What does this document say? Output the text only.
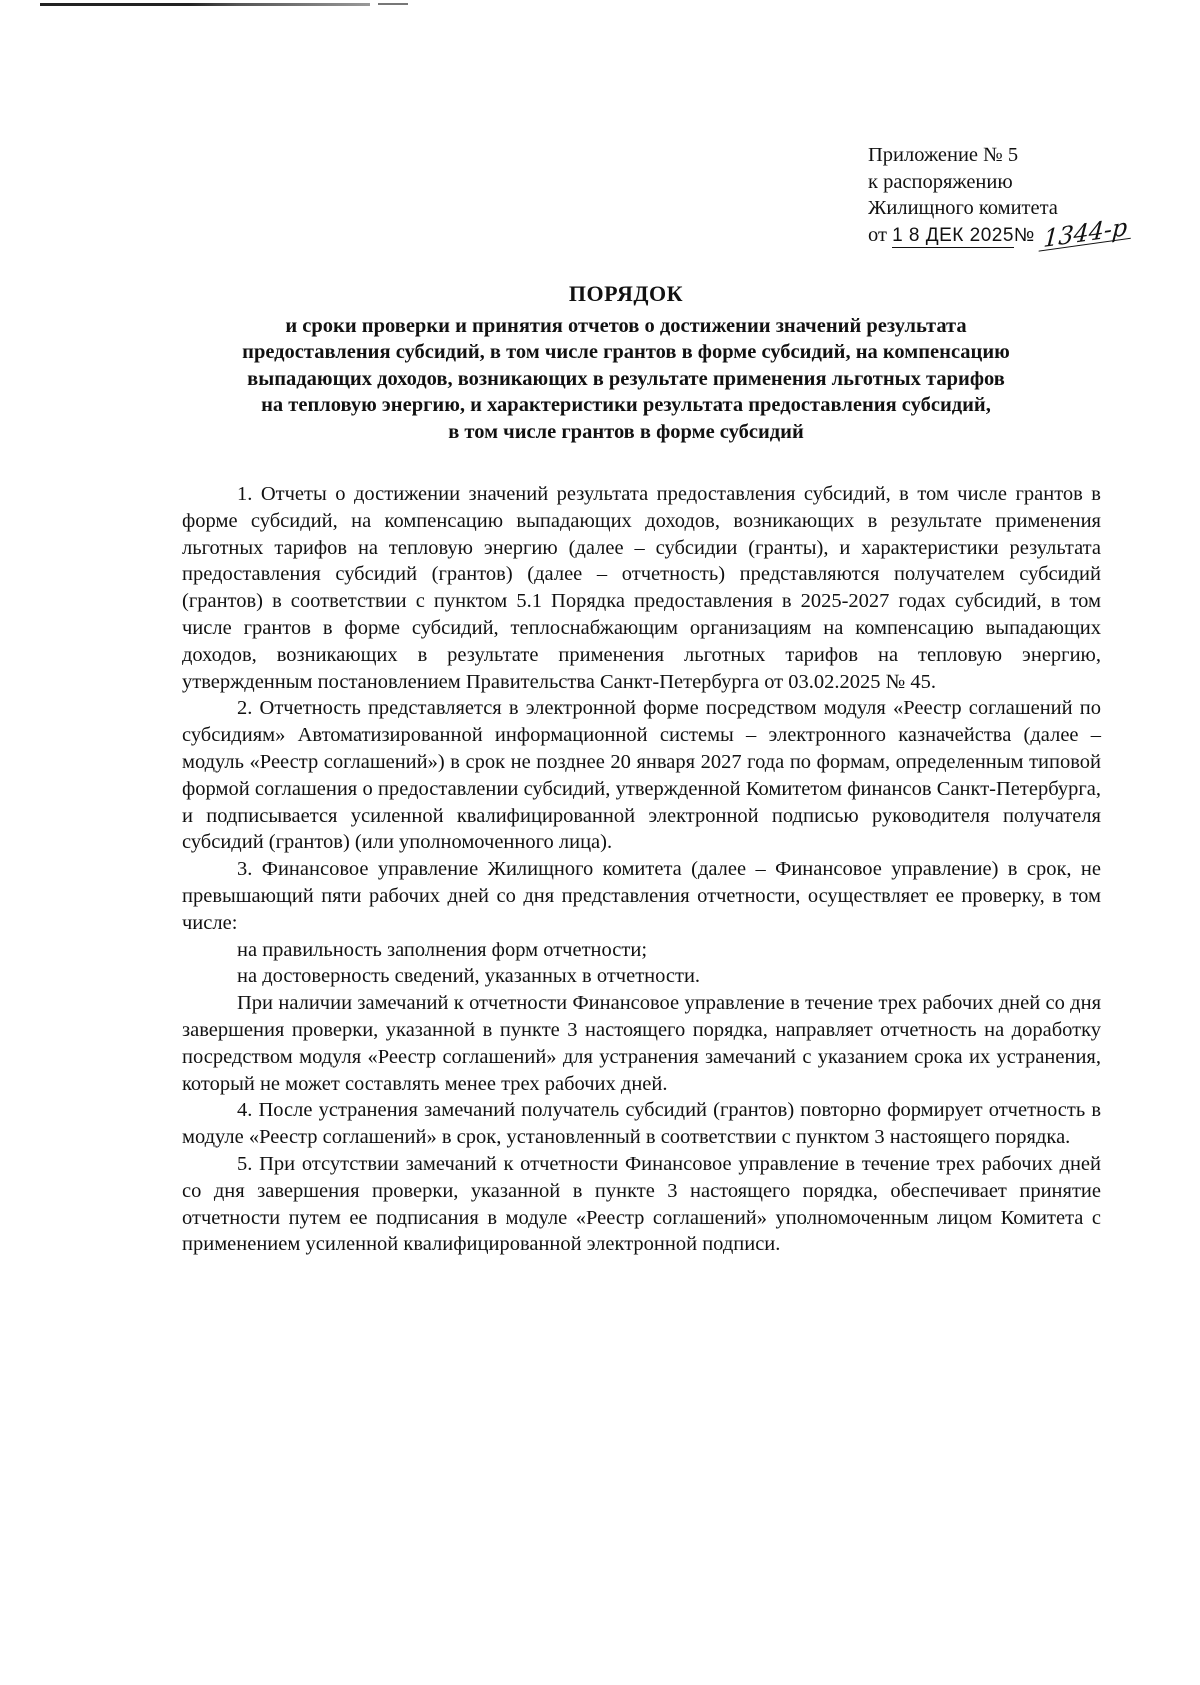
Приложение № 5
к распоряжению
Жилищного комитета
от 1 8 ДЕК 2025№ 1344-р
ПОРЯДОК
и сроки проверки и принятия отчетов о достижении значений результата
предоставления субсидий, в том числе грантов в форме субсидий, на компенсацию
выпадающих доходов, возникающих в результате применения льготных тарифов
на тепловую энергию, и характеристики результата предоставления субсидий,
в том числе грантов в форме субсидий

1. Отчеты о достижении значений результата предоставления субсидий, в том числе грантов в форме субсидий, на компенсацию выпадающих доходов, возникающих в результате применения льготных тарифов на тепловую энергию (далее – субсидии (гранты), и характеристики результата предоставления субсидий (грантов) (далее – отчетность) представляются получателем субсидий (грантов) в соответствии с пунктом 5.1 Порядка предоставления в 2025-2027 годах субсидий, в том числе грантов в форме субсидий, теплоснабжающим организациям на компенсацию выпадающих доходов, возникающих в результате применения льготных тарифов на тепловую энергию, утвержденным постановлением Правительства Санкт-Петербурга от 03.02.2025 № 45.

2. Отчетность представляется в электронной форме посредством модуля «Реестр соглашений по субсидиям» Автоматизированной информационной системы – электронного казначейства (далее – модуль «Реестр соглашений») в срок не позднее 20 января 2027 года по формам, определенным типовой формой соглашения о предоставлении субсидий, утвержденной Комитетом финансов Санкт-Петербурга, и подписывается усиленной квалифицированной электронной подписью руководителя получателя субсидий (грантов) (или уполномоченного лица).

3. Финансовое управление Жилищного комитета (далее – Финансовое управление) в срок, не превышающий пяти рабочих дней со дня представления отчетности, осуществляет ее проверку, в том числе:

на правильность заполнения форм отчетности;

на достоверность сведений, указанных в отчетности.

При наличии замечаний к отчетности Финансовое управление в течение трех рабочих дней со дня завершения проверки, указанной в пункте 3 настоящего порядка, направляет отчетность на доработку посредством модуля «Реестр соглашений» для устранения замечаний с указанием срока их устранения, который не может составлять менее трех рабочих дней.

4. После устранения замечаний получатель субсидий (грантов) повторно формирует отчетность в модуле «Реестр соглашений» в срок, установленный в соответствии с пунктом 3 настоящего порядка.

5. При отсутствии замечаний к отчетности Финансовое управление в течение трех рабочих дней со дня завершения проверки, указанной в пункте 3 настоящего порядка, обеспечивает принятие отчетности путем ее подписания в модуле «Реестр соглашений» уполномоченным лицом Комитета с применением усиленной квалифицированной электронной подписи.
